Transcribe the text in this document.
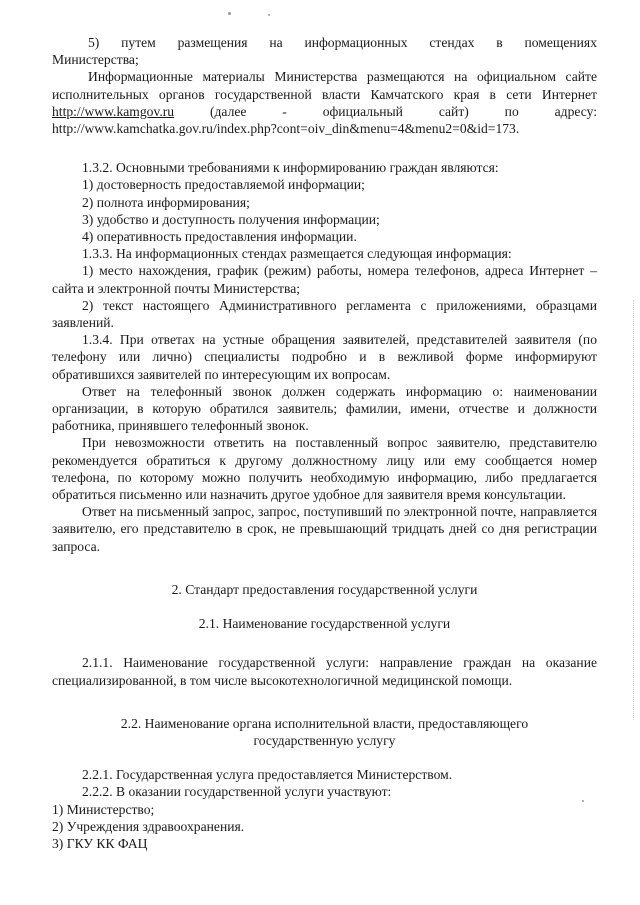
5) путем размещения на информационных стендах в помещениях

Министерства;

Информационные материалы Министерства размещаются на официальном сайте исполнительных органов государственной власти Камчатского края в сети Интернет http://www.kamgov.ru	(далее - официальный сайт) по адресу: http://www.kamchatka.gov.ru/index.php?cont=oiv_din&menu=4&menu2=0&id=173.

1.3.2. Основными требованиями к информированию граждан являются:

1) достоверность предоставляемой информации;

2) полнота информирования;

3) удобство и доступность получения информации;

4) оперативность предоставления информации.

1.3.3. На информационных стендах размещается следующая информация:

1) место нахождения, график (режим) работы, номера телефонов, адреса Интернет – сайта и электронной почты Министерства;

2) текст настоящего Административного регламента с приложениями, образцами заявлений.

1.3.4. При ответах на устные обращения заявителей, представителей заявителя (по телефону или лично) специалисты подробно и в вежливой форме информируют обратившихся заявителей по интересующим их вопросам.

Ответ на телефонный звонок должен содержать информацию о: наименовании организации, в которую обратился заявитель; фамилии, имени, отчестве и должности работника, принявшего телефонный звонок.

При невозможности ответить на поставленный вопрос заявителю, представителю рекомендуется обратиться к другому должностному лицу или ему сообщается номер телефона, по которому можно получить необходимую информацию, либо предлагается обратиться письменно или назначить другое удобное для заявителя время консультации.

Ответ на письменный запрос, запрос, поступивший по электронной почте, направляется заявителю, его представителю в срок, не превышающий тридцать дней со дня регистрации запроса.

2. Стандарт предоставления государственной услуги

2.1. Наименование государственной услуги

2.1.1. Наименование государственной услуги: направление граждан на оказание специализированной, в том числе высокотехнологичной медицинской помощи.

2.2. Наименование органа исполнительной власти, предоставляющего

государственную услугу

2.2.1. Государственная услуга предоставляется Министерством.

2.2.2. В оказании государственной услуги участвуют:

1) Министерство;

2) Учреждения здравоохранения.

3) ГКУ КК ФАЦ
